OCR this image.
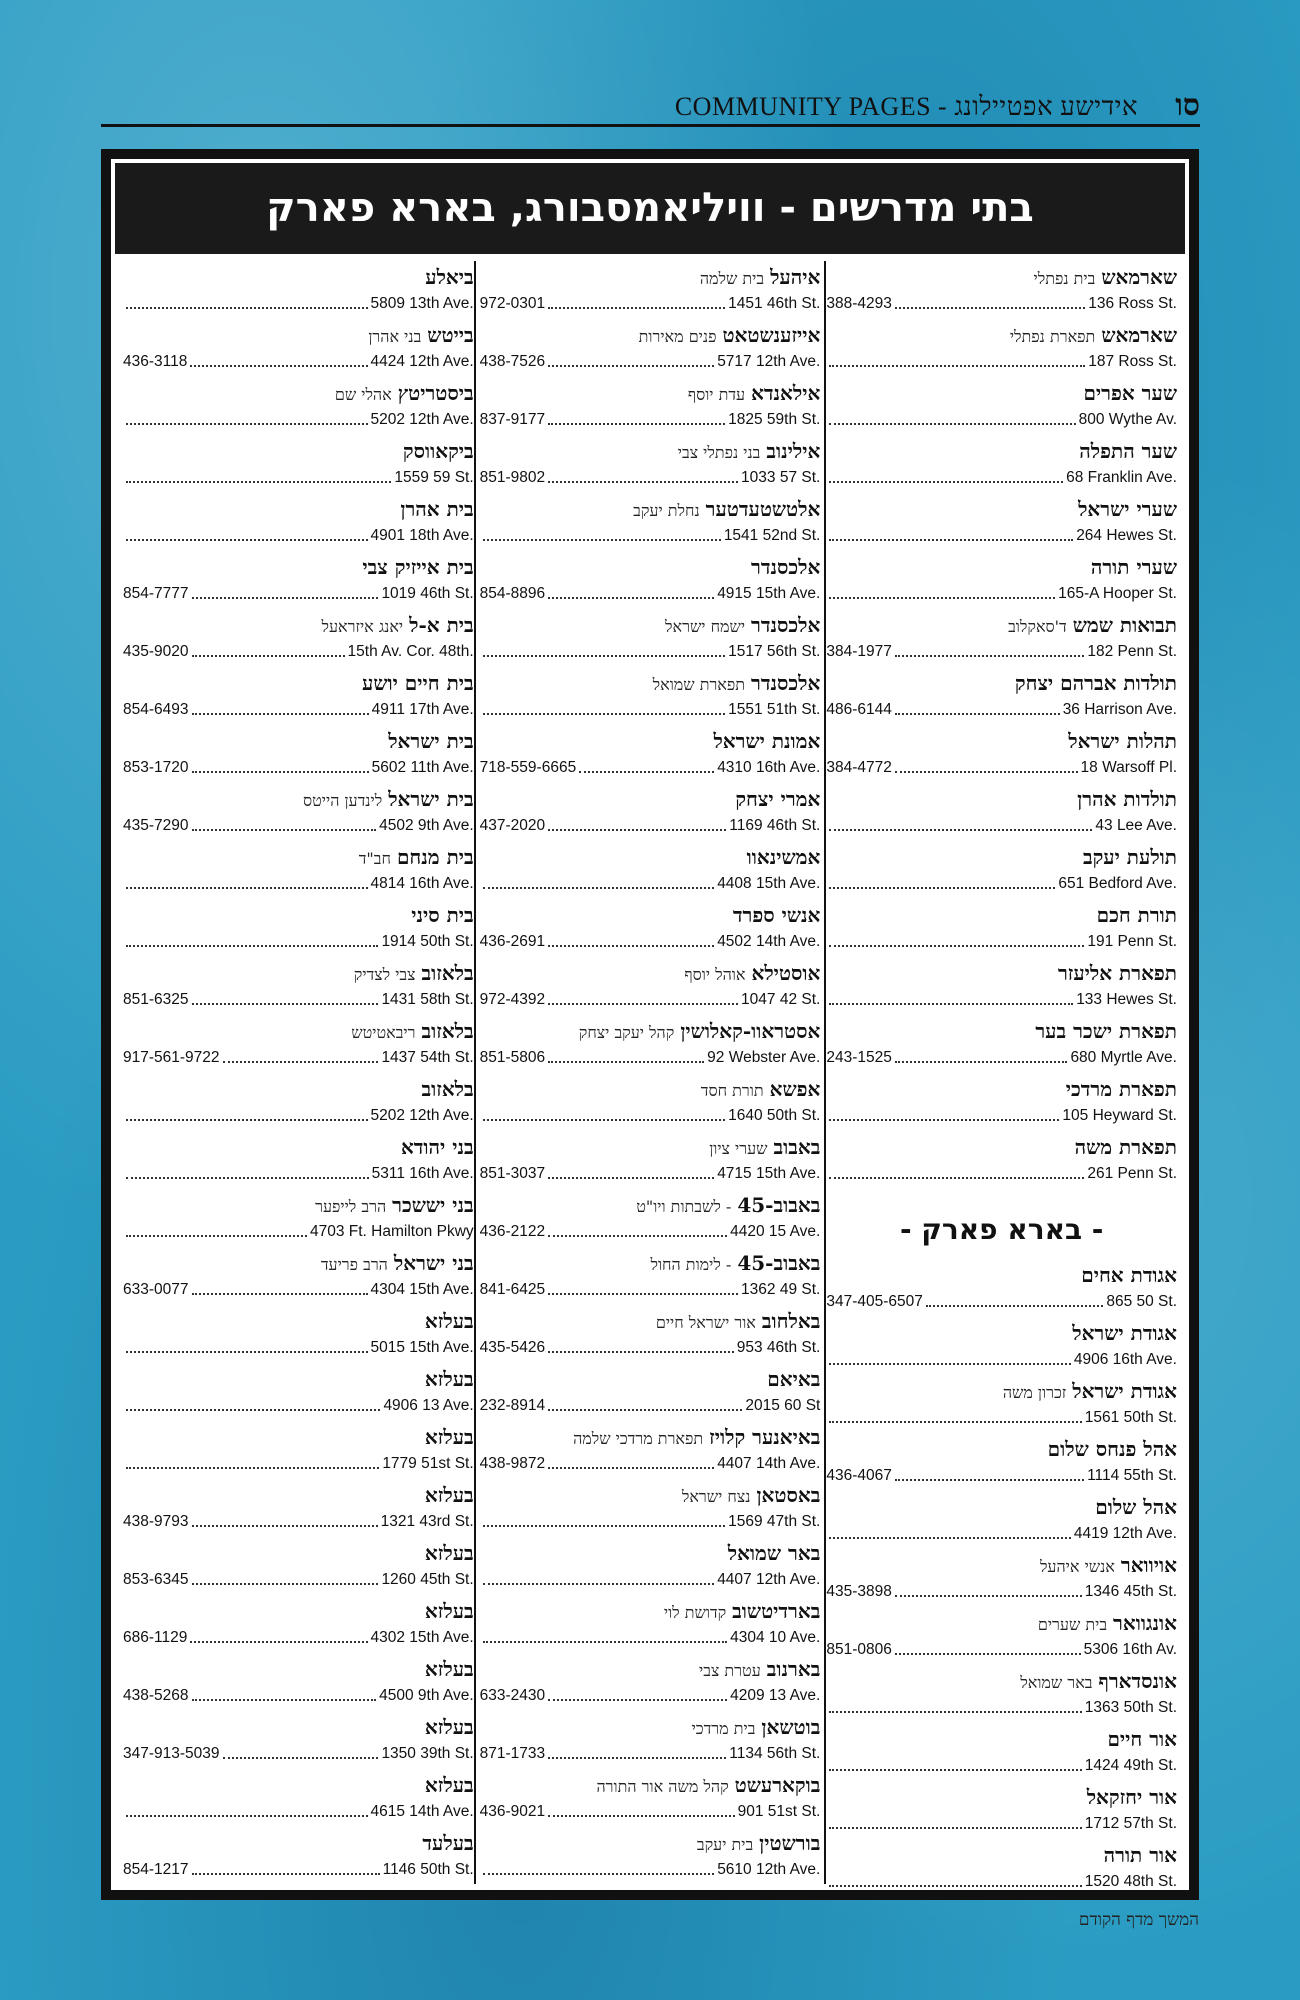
COMMUNITY PAGES - אידישע אפטיילונג סו
בתי מדרשים - וויליאמסבורג, בארא פארק
שארמאשבית נפתלי
388-4293	136 Ross St.
שארמאשתפארת נפתלי
187 Ross St.
שער אפרים
800 Wythe Av.
שער התפלה
68 Franklin Ave.
שערי ישראל
264 Hewes St.
שערי תורה
165-A Hooper St.
תבואות שמשד'סאקלוב
384-1977	182 Penn St.
תולדות אברהם יצחק
486-6144	36 Harrison Ave.
תהלות ישראל
384-4772	18 Warsoff Pl.
תולדות אהרן
43 Lee Ave.
תולעת יעקב
651 Bedford Ave.
תורת חכם
191 Penn St.
תפארת אליעזר
133 Hewes St.
תפארת ישכר בער
243-1525	680 Myrtle Ave.
תפארת מרדכי
105 Heyward St.
תפארת משה
261 Penn St.
- בארא פארק -
אגודת אחים
347-405-6507	865 50 St.
אגודת ישראל
4906 16th Ave.
אגודת ישראלזכרון משה
1561 50th St.
אהל פנחס שלום
436-4067	1114 55th St.
אהל שלום
4419 12th Ave.
אויוואראנשי איהעל
435-3898	1346 45th St.
אונגווארבית שערים
851-0806	5306 16th Av.
אונסדארףבאר שמואל
1363 50th St.
אור חיים
1424 49th St.
אור יחזקאל
1712 57th St.
אור תורה
1520 48th St.
איהעלבית שלמה
972-0301	1451 46th St.
אייזענשטאטפנים מאירות
438-7526	5717 12th Ave.
אילאנדאעדת יוסף
837-9177	1825 59th St.
אילינובבני נפתלי צבי
851-9802	1033 57 St.
אלטשטעדטערנחלת יעקב
1541 52nd St.
אלכסנדר
854-8896	4915 15th Ave.
אלכסנדרישמח ישראל
1517 56th St.
אלכסנדרתפארת שמואל
1551 51th St.
אמונת ישראל
718-559-6665	4310 16th Ave.
אמרי יצחק
437-2020	1169 46th St.
אמשינאוו
4408 15th Ave.
אנשי ספרד
436-2691	4502 14th Ave.
אוסטילאאוהל יוסף
972-4392	1047 42 St.
אסטראוו-קאלושיןקהל יעקב יצחק
851-5806	92 Webster Ave.
אפשאתורת חסד
1640 50th St.
באבובשערי ציון
851-3037	4715 15th Ave.
באבוב-45- לשבתות ויו"ט
436-2122	4420 15 Ave.
באבוב-45- לימות החול
841-6425	1362 49 St.
באלחובאור ישראל חיים
435-5426	953 46th St.
באיאם
232-8914	2015 60 St
באיאנער קלויזתפארת מרדכי שלמה
438-9872	4407 14th Ave.
באסטאןנצח ישראל
1569 47th St.
באר שמואל
4407 12th Ave.
בארדיטשובקדושת לוי
4304 10 Ave.
בארנובעטרת צבי
633-2430	4209 13 Ave.
בוטשאןבית מרדכי
871-1733	1134 56th St.
בוקארעשטקהל משה אור התורה
436-9021	901 51st St.
בורשטיןבית יעקב
5610 12th Ave.
ביאלע
5809 13th Ave.
בייטשבני אהרן
436-3118	4424 12th Ave.
ביסטריטץאהלי שם
5202 12th Ave.
ביקאווסק
1559 59 St.
בית אהרן
4901 18th Ave.
בית אייזיק צבי
854-7777	1019 46th St.
בית א-ליאנג איזראעל
435-9020	15th Av. Cor. 48th.
בית חיים יושע
854-6493	4911 17th Ave.
בית ישראל
853-1720	5602 11th Ave.
בית ישראללינדען הייטס
435-7290	4502 9th Ave.
בית מנחםחב"ד
4814 16th Ave.
בית סיני
1914 50th St.
בלאזובצבי לצדיק
851-6325	1431 58th St.
בלאזובריבאטיטש
917-561-9722	1437 54th St.
בלאזוב
5202 12th Ave.
בני יהודא
5311 16th Ave.
בני יששכרהרב לייפער
4703 Ft. Hamilton Pkwy
בני ישראלהרב פריעד
633-0077	4304 15th Ave.
בעלזא
5015 15th Ave.
בעלזא
4906 13 Ave.
בעלזא
1779 51st St.
בעלזא
438-9793	1321 43rd St.
בעלזא
853-6345	1260 45th St.
בעלזא
686-1129	4302 15th Ave.
בעלזא
438-5268	4500 9th Ave.
בעלזא
347-913-5039	1350 39th St.
בעלזא
4615 14th Ave.
בעלעד
854-1217	1146 50th St.
המשך מדף הקודם
